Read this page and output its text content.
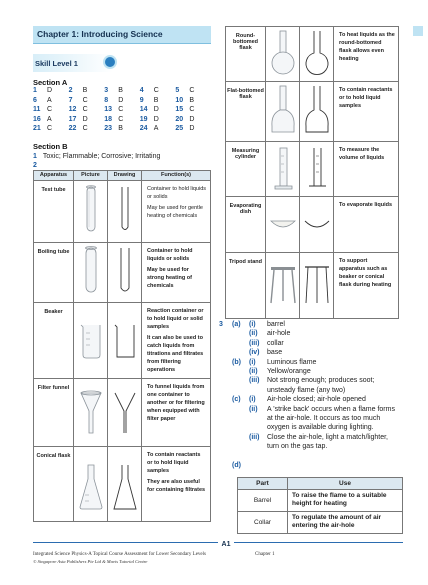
Chapter 1: Introducing Science
Skill Level 1
Section A
1	D	2	B	3	B	4	C	5	C
6	A	7	C	8	D	9	B	10 B
11 C	12 C	13 C	14 D	15 C
16 A	17 D	18 C	19 D	20 D
21 C	22 C	23 B	24 A	25 D
Section B
1 Toxic; Flammable; Corrosive; Irritating
2
Apparatus	Picture	Drawing	Function(s)
Test tube			Container to hold liquids or solids

May be used for gentle heating of chemicals

Boiling tube			Container to hold liquids or solids

May be used for strong heating of chemicals

Beaker			Reaction container or to hold liquid or solid samples

It can also be used to catch liquids from titrations and filtrates from filtering operations

Filter funnel			To funnel liquids from one container to another or for filtering when equipped with filter paper

Conical flask			To contain reactants or to hold liquid samples

They are also useful for containing filtrates

Round-bottomed flask			To heat liquids as the round-bottomed flask allows even heating
Flat-bottomed flask			To contain reactants or to hold liquid samples
Measuring cylinder			To measure the volume of liquids
Evaporating dish			To evaporate liquids
Tripod stand			To support apparatus such as beaker or conical flask during heating
3 (a) (i) barrel
(ii) air-hole
(iii) collar
(iv) base
(b) (i) Luminous flame
(ii) Yellow/orange
(iii) Not strong enough; produces soot;
unsteady flame (any two)
(c) (i) Air-hole closed; air-hole opened
(ii) A 'strike back' occurs when a flame forms
at the air-hole. It occurs as too much
oxygen is available during lighting.
(iii) Close the air-hole, light a match/lighter,
turn on the gas tap.
(d)
Part	Use
Barrel	To raise the flame to a suitable height for heating
Collar	To regulate the amount of air entering the air-hole
A1
Integrated Science Physics-A Topical Course Assessment for Lower Secondary Levels
© Singapore Asia Publishers Pte Ltd & Mavis Tutorial Centre
Chapter 1
